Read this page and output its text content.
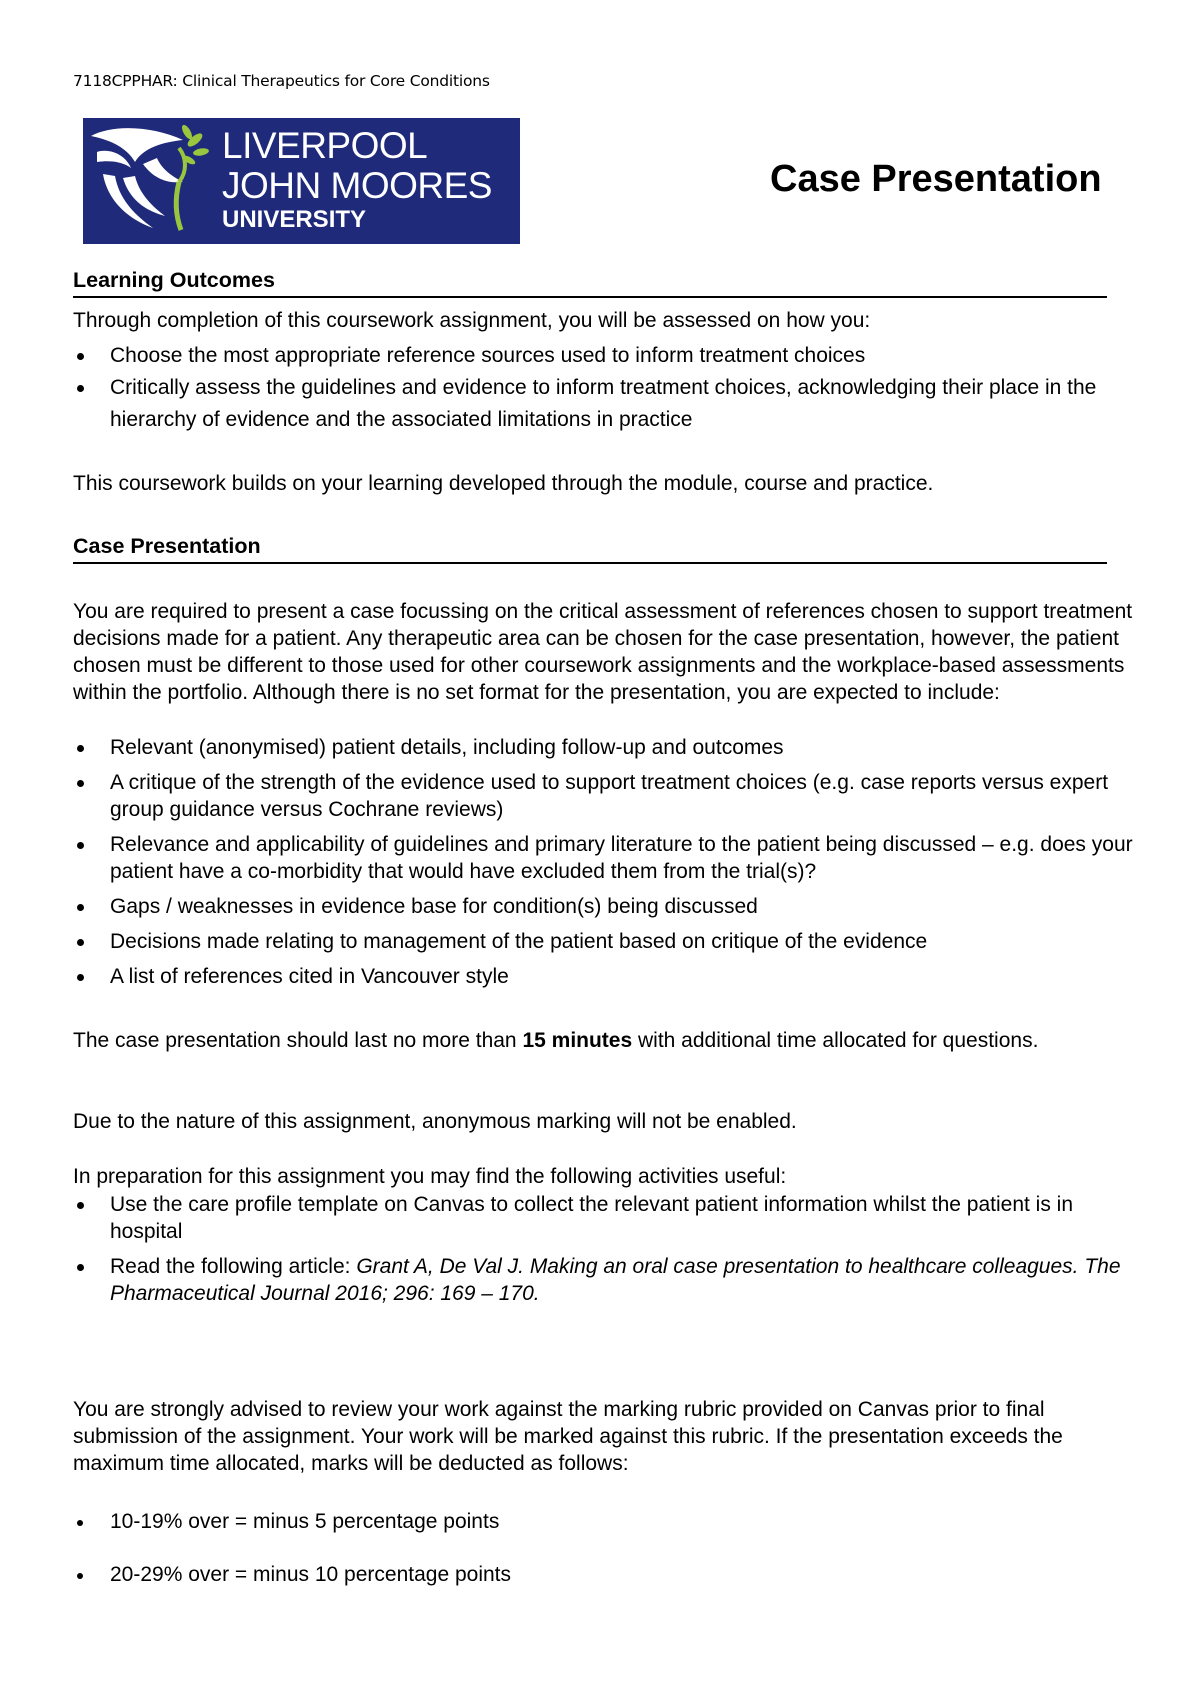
7118CPPHAR: Clinical Therapeutics for Core Conditions
LIVERPOOL
JOHN MOORES
UNIVERSITY
Case Presentation
Learning Outcomes
Through completion of this coursework assignment, you will be assessed on how you:
Choose the most appropriate reference sources used to inform treatment choices
Critically assess the guidelines and evidence to inform treatment choices, acknowledging their place in the hierarchy of evidence and the associated limitations in practice
This coursework builds on your learning developed through the module, course and practice.
Case Presentation
You are required to present a case focussing on the critical assessment of references chosen to support treatment decisions made for a patient. Any therapeutic area can be chosen for the case presentation, however, the patient chosen must be different to those used for other coursework assignments and the workplace-based assessments within the portfolio. Although there is no set format for the presentation, you are expected to include:
Relevant (anonymised) patient details, including follow-up and outcomes
A critique of the strength of the evidence used to support treatment choices (e.g. case reports versus expert group guidance versus Cochrane reviews)
Relevance and applicability of guidelines and primary literature to the patient being discussed – e.g. does your patient have a co-morbidity that would have excluded them from the trial(s)?
Gaps / weaknesses in evidence base for condition(s) being discussed
Decisions made relating to management of the patient based on critique of the evidence
A list of references cited in Vancouver style
The case presentation should last no more than 15 minutes with additional time allocated for questions.
Due to the nature of this assignment, anonymous marking will not be enabled.
In preparation for this assignment you may find the following activities useful:
Use the care profile template on Canvas to collect the relevant patient information whilst the patient is in hospital
Read the following article: Grant A, De Val J. Making an oral case presentation to healthcare colleagues. The Pharmaceutical Journal 2016; 296: 169 – 170.
You are strongly advised to review your work against the marking rubric provided on Canvas prior to final submission of the assignment. Your work will be marked against this rubric. If the presentation exceeds the maximum time allocated, marks will be deducted as follows:
10-19% over = minus 5 percentage points
20-29% over = minus 10 percentage points
